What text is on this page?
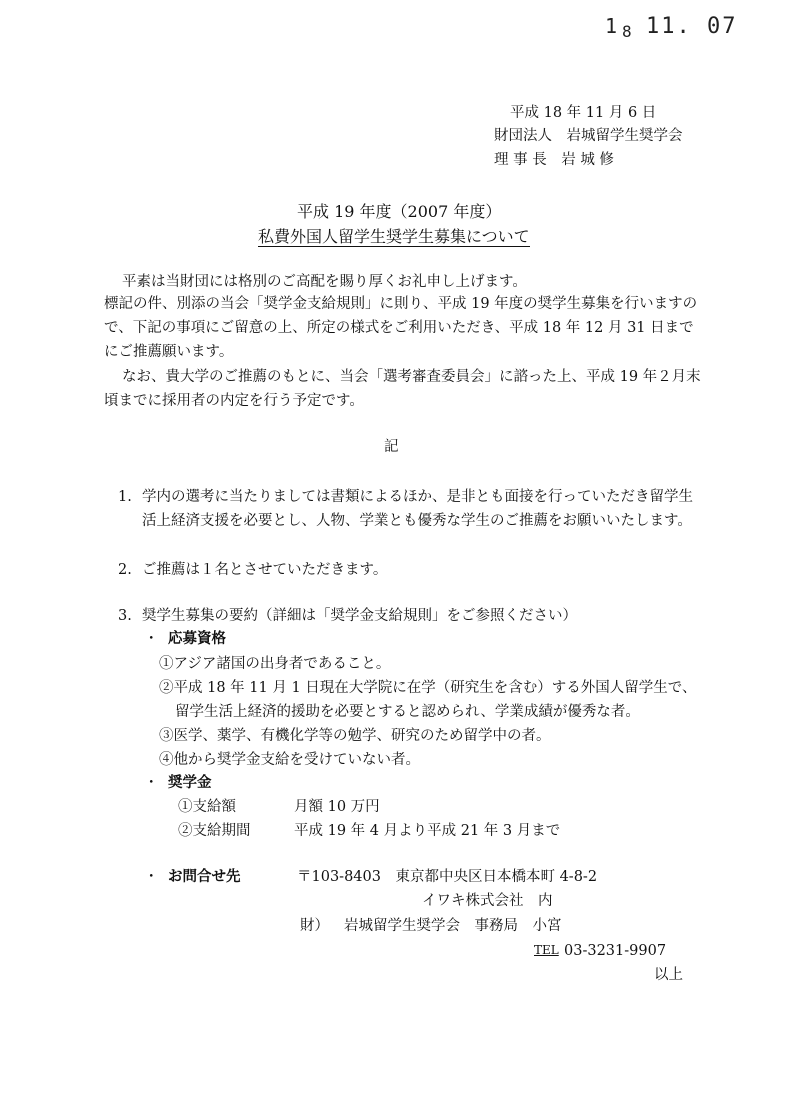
1 8 11. 07
平成 18 年 11 月 6 日
財団法人　岩城留学生奨学会
理 事 長　岩 城 修
平成 19 年度（2007 年度）
私費外国人留学生奨学生募集について
平素は当財団には格別のご高配を賜り厚くお礼申し上げます。
標記の件、別添の当会「奨学金支給規則」に則り、平成 19 年度の奨学生募集を行いますの
で、下記の事項にご留意の上、所定の様式をご利用いただき、平成 18 年 12 月 31 日まで
にご推薦願います。
なお、貴大学のご推薦のもとに、当会「選考審査委員会」に諮った上、平成 19 年２月末
頃までに採用者の内定を行う予定です。
記
1. 学内の選考に当たりましては書類によるほか、是非とも面接を行っていただき留学生
活上経済支援を必要とし、人物、学業とも優秀な学生のご推薦をお願いいたします。
2. ご推薦は１名とさせていただきます。
3. 奨学生募集の要約（詳細は「奨学金支給規則」をご参照ください）
・ 応募資格
①アジア諸国の出身者であること。
②平成 18 年 11 月 1 日現在大学院に在学（研究生を含む）する外国人留学生で、
留学生活上経済的援助を必要とすると認められ、学業成績が優秀な者。
③医学、薬学、有機化学等の勉学、研究のため留学中の者。
④他から奨学金支給を受けていない者。
・ 奨学金
①支給額	月額 10 万円
②支給期間	平成 19 年 4 月より平成 21 年 3 月まで
・ お問合せ先	〒103-8403　東京都中央区日本橋本町 4-8-2
イワキ株式会社　内
財） 岩城留学生奨学会　事務局　小宮
TEL 03-3231-9907
以上
